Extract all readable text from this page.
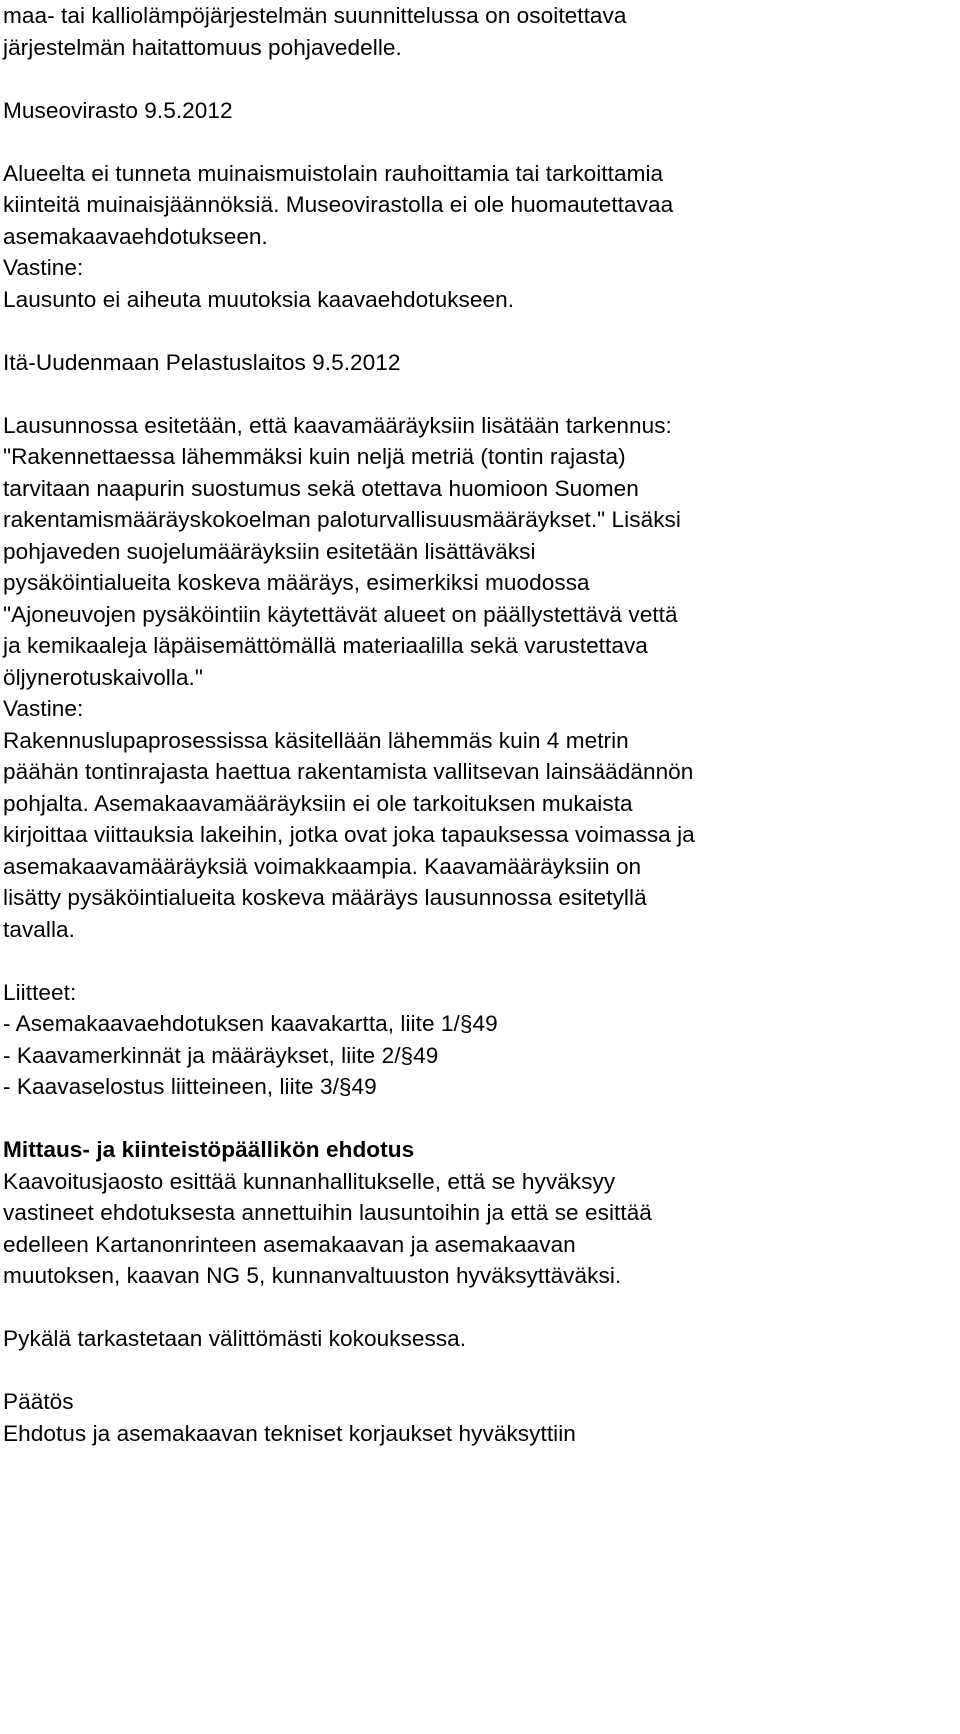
maa- tai kalliolämpöjärjestelmän suunnittelussa on osoitettava
järjestelmän haitattomuus pohjavedelle.
Museovirasto 9.5.2012
Alueelta ei tunneta muinaismuistolain rauhoittamia tai tarkoittamia
kiinteitä muinaisjäännöksiä. Museovirastolla ei ole huomautettavaa
asemakaavaehdotukseen.
Vastine:
Lausunto ei aiheuta muutoksia kaavaehdotukseen.
Itä-Uudenmaan Pelastuslaitos 9.5.2012
Lausunnossa esitetään, että kaavamääräyksiin lisätään tarkennus:
"Rakennettaessa lähemmäksi kuin neljä metriä (tontin rajasta)
tarvitaan naapurin suostumus sekä otettava huomioon Suomen
rakentamismääräyskokoelman paloturvallisuusmääräykset." Lisäksi
pohjaveden suojelumääräyksiin esitetään lisättäväksi
pysäköintialueita koskeva määräys, esimerkiksi muodossa
"Ajoneuvojen pysäköintiin käytettävät alueet on päällystettävä vettä
ja kemikaaleja läpäisemättömällä materiaalilla sekä varustettava
öljynerotuskaivolla."
Vastine:
Rakennuslupaprosessissa käsitellään lähemmäs kuin 4 metrin
päähän tontinrajasta haettua rakentamista vallitsevan lainsäädännön
pohjalta. Asemakaavamääräyksiin ei ole tarkoituksen mukaista
kirjoittaa viittauksia lakeihin, jotka ovat joka tapauksessa voimassa ja
asemakaavamääräyksiä voimakkaampia. Kaavamääräyksiin on
lisätty pysäköintialueita koskeva määräys lausunnossa esitetyllä
tavalla.
Liitteet:
- Asemakaavaehdotuksen kaavakartta, liite 1/§49
- Kaavamerkinnät ja määräykset, liite 2/§49
- Kaavaselostus liitteineen, liite 3/§49
Mittaus- ja kiinteistöpäällikön ehdotus
Kaavoitusjaosto esittää kunnanhallitukselle, että se hyväksyy
vastineet ehdotuksesta annettuihin lausuntoihin ja että se esittää
edelleen Kartanonrinteen asemakaavan ja asemakaavan
muutoksen, kaavan NG 5, kunnanvaltuuston hyväksyttäväksi.
Pykälä tarkastetaan välittömästi kokouksessa.
Päätös
Ehdotus ja asemakaavan tekniset korjaukset hyväksyttiin
